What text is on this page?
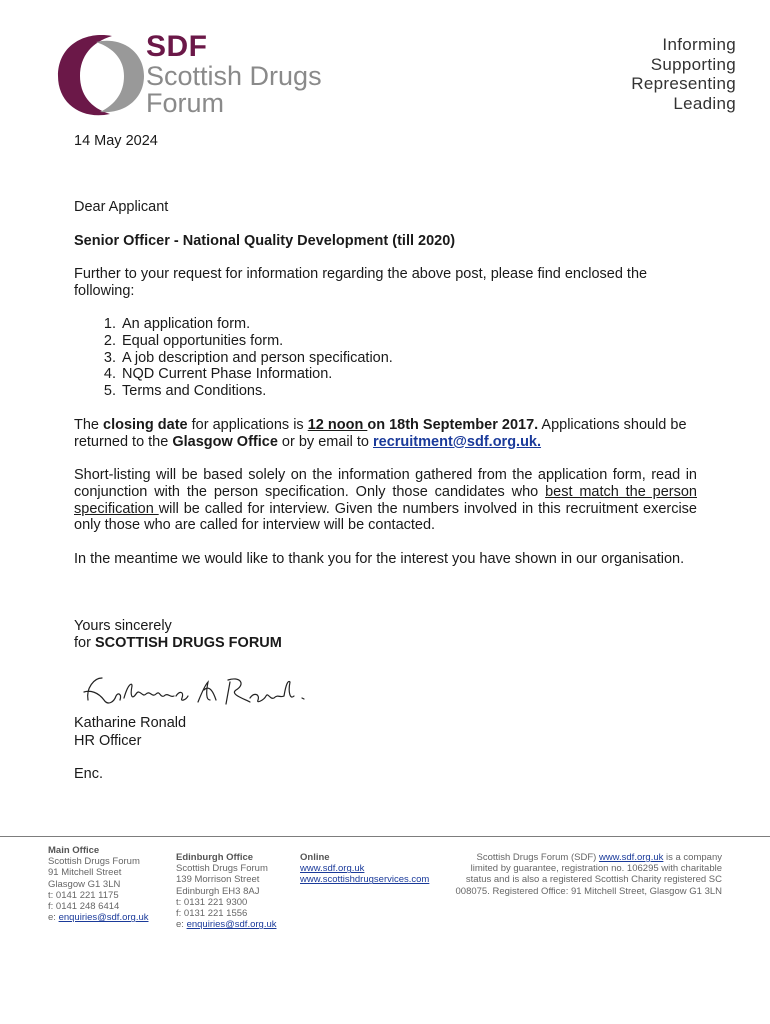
SDF
Scottish Drugs
Forum
Informing
Supporting
Representing
Leading
14 May 2024
Dear Applicant
Senior Officer - National Quality Development (till 2020)
Further to your request for information regarding the above post, please find enclosed the following:
1. An application form.
2. Equal opportunities form.
3. A job description and person specification.
4. NQD Current Phase Information.
5. Terms and Conditions.
The closing date for applications is 12 noon on 18th September 2017. Applications should be returned to the Glasgow Office or by email to recruitment@sdf.org.uk.
Short-listing will be based solely on the information gathered from the application form, read in conjunction with the person specification. Only those candidates who best match the person specification will be called for interview. Given the numbers involved in this recruitment exercise only those who are called for interview will be contacted.
In the meantime we would like to thank you for the interest you have shown in our organisation.
Yours sincerely
for SCOTTISH DRUGS FORUM
Katharine Ronald
HR Officer
Enc.
Main Office
Scottish Drugs Forum
91 Mitchell Street
Glasgow G1 3LN
t: 0141 221 1175
f: 0141 248 6414
e: enquiries@sdf.org.uk
Edinburgh Office
Scottish Drugs Forum
139 Morrison Street
Edinburgh EH3 8AJ
t: 0131 221 9300
f: 0131 221 1556
e: enquiries@sdf.org.uk
Online
www.sdf.org.uk
www.scottishdrugservices.com
Scottish Drugs Forum (SDF) www.sdf.org.uk is a company limited by guarantee, registration no. 106295 with charitable status and is also a registered Scottish Charity registered SC 008075. Registered Office: 91 Mitchell Street, Glasgow G1 3LN
